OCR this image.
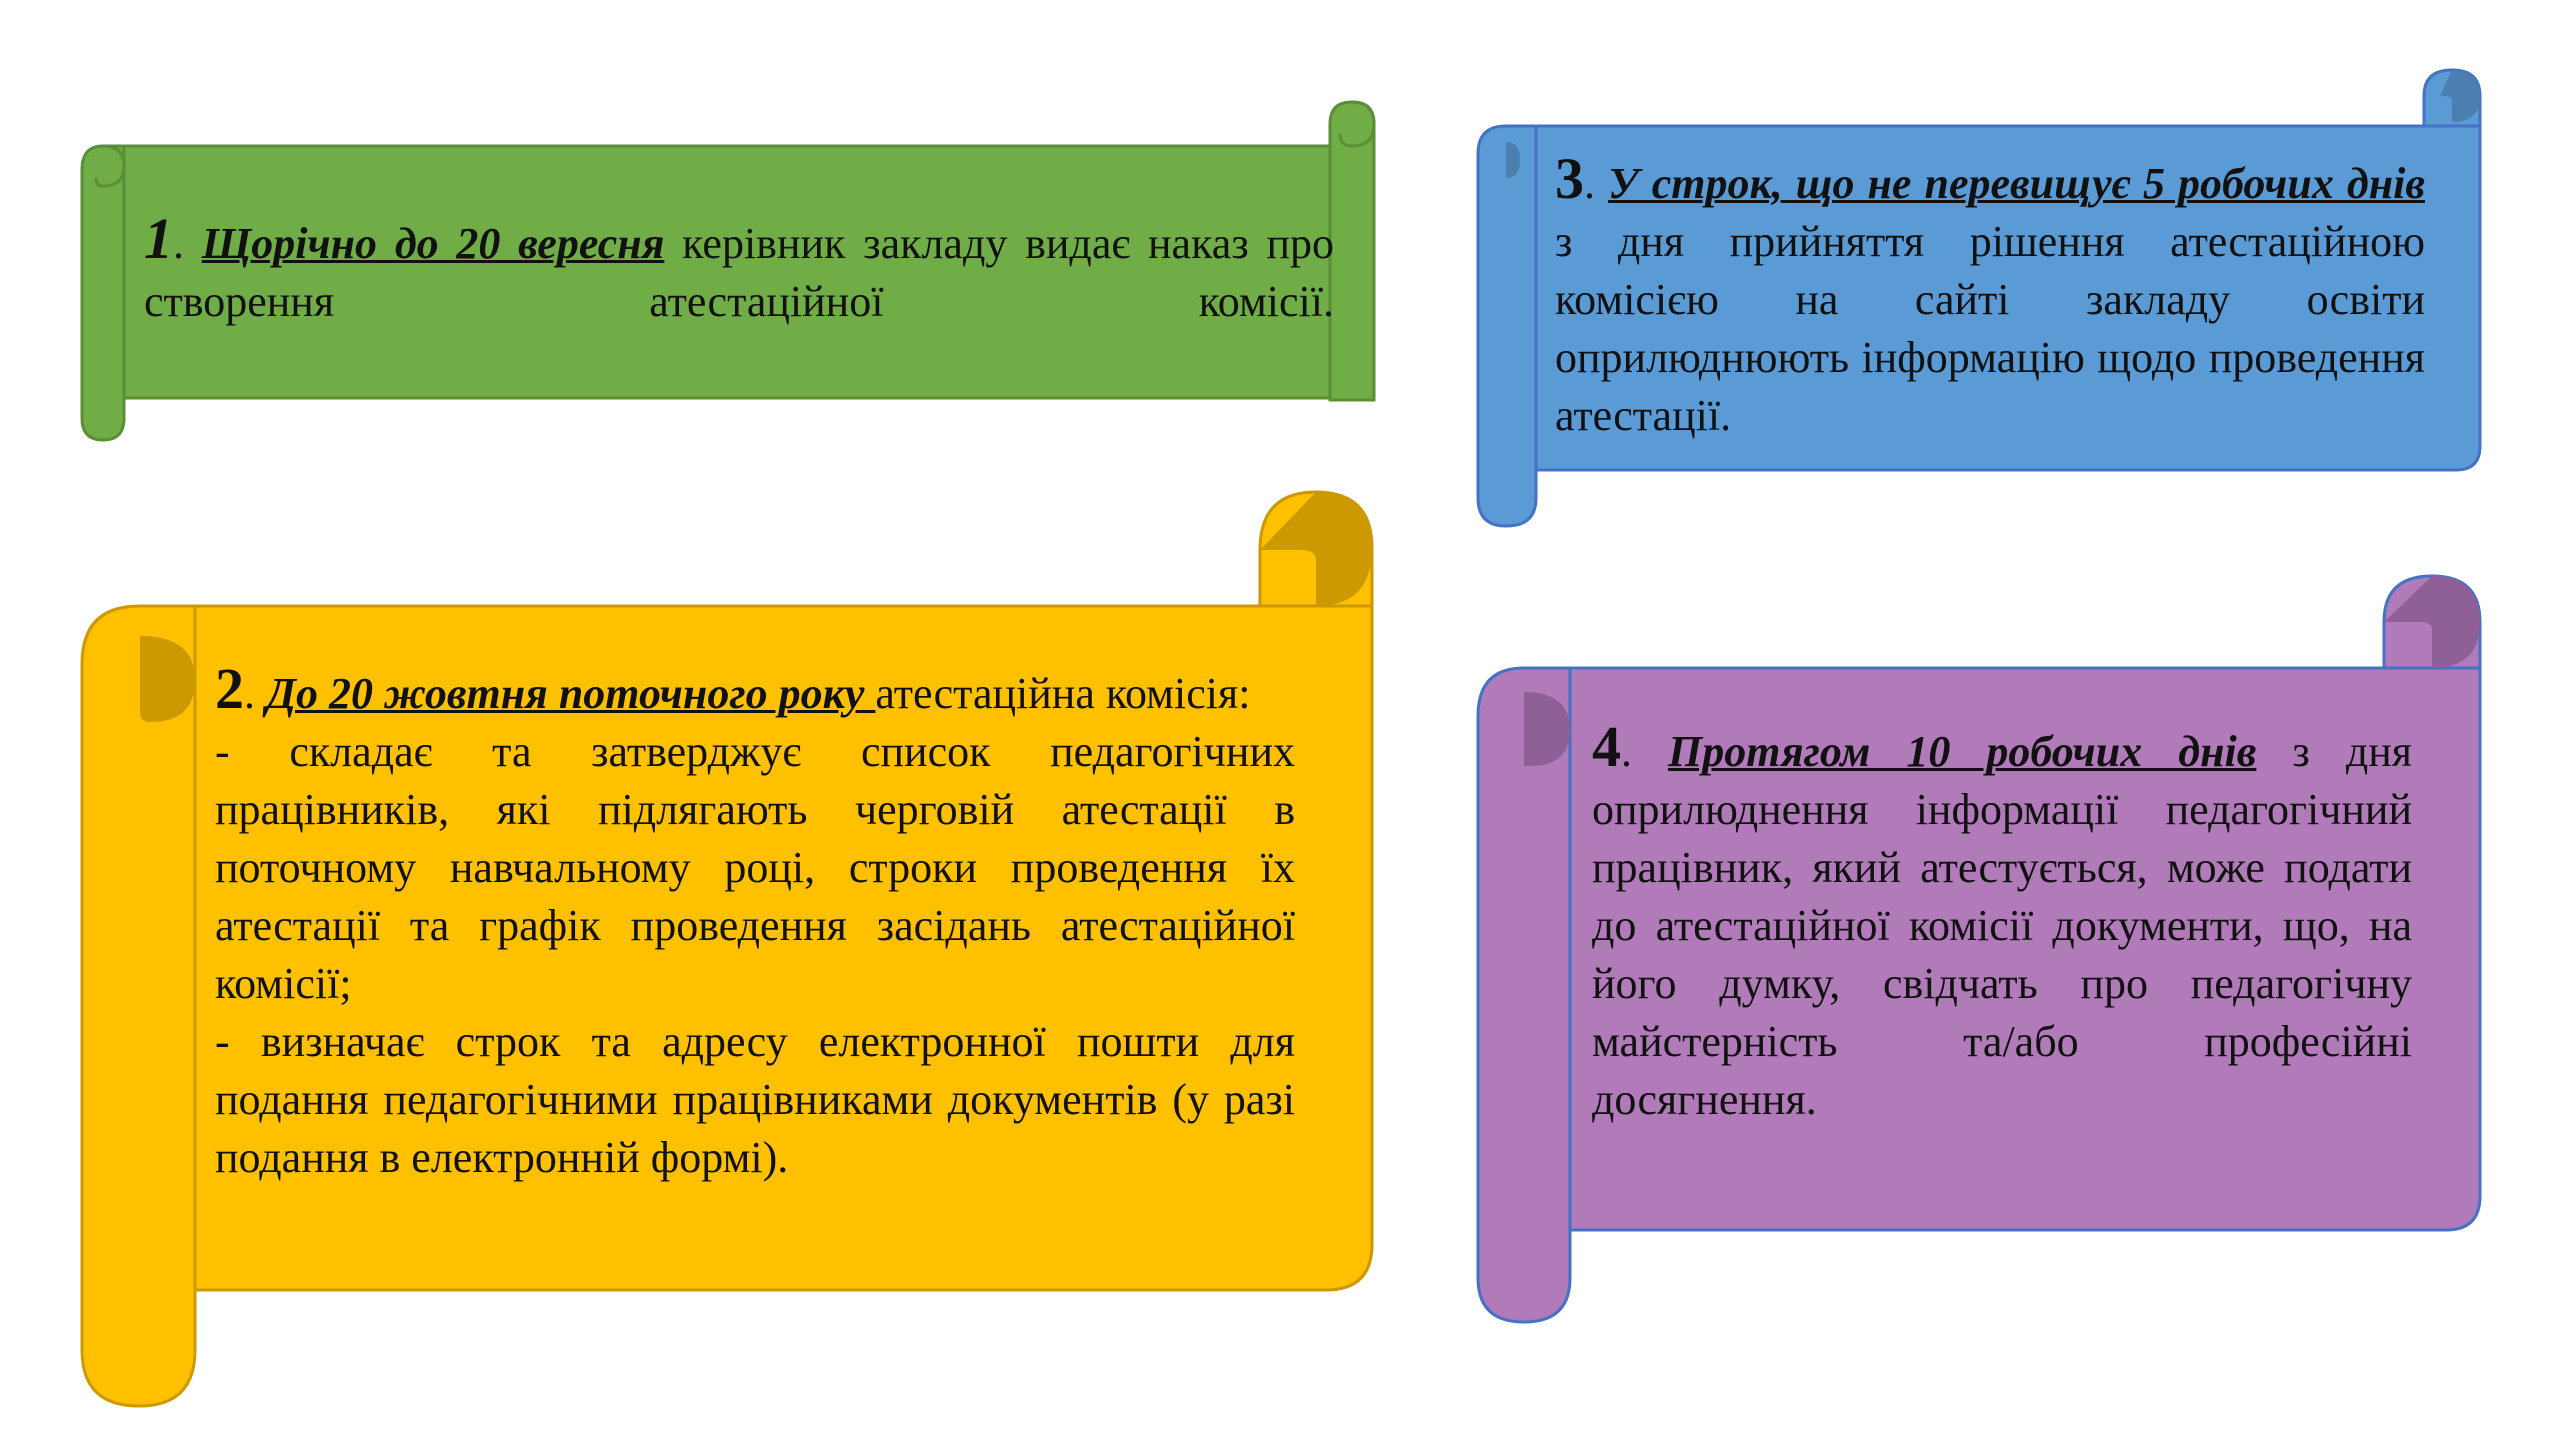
1. Щорічно до 20 вересня керівник закладу видає наказ про створення атестаційної комісії.

2. До 20 жовтня поточного року атестаційна комісія:

- складає та затверджує список педагогічних працівників, які підлягають черговій атестації в поточному навчальному році, строки проведення їх атестації та графік проведення засідань атестаційної комісії;

- визначає строк та адресу електронної пошти для подання педагогічними працівниками документів (у разі подання в електронній формі).

3. У строк, що не перевищує 5 робочих днів з дня прийняття рішення атестаційною комісією на сайті закладу освіти оприлюднюють інформацію щодо проведення атестації.

4. Протягом 10 робочих днів з дня оприлюднення інформації педагогічний працівник, який атестується, може подати до атестаційної комісії документи, що, на його думку, свідчать про педагогічну майстерність та/або професійні досягнення.
